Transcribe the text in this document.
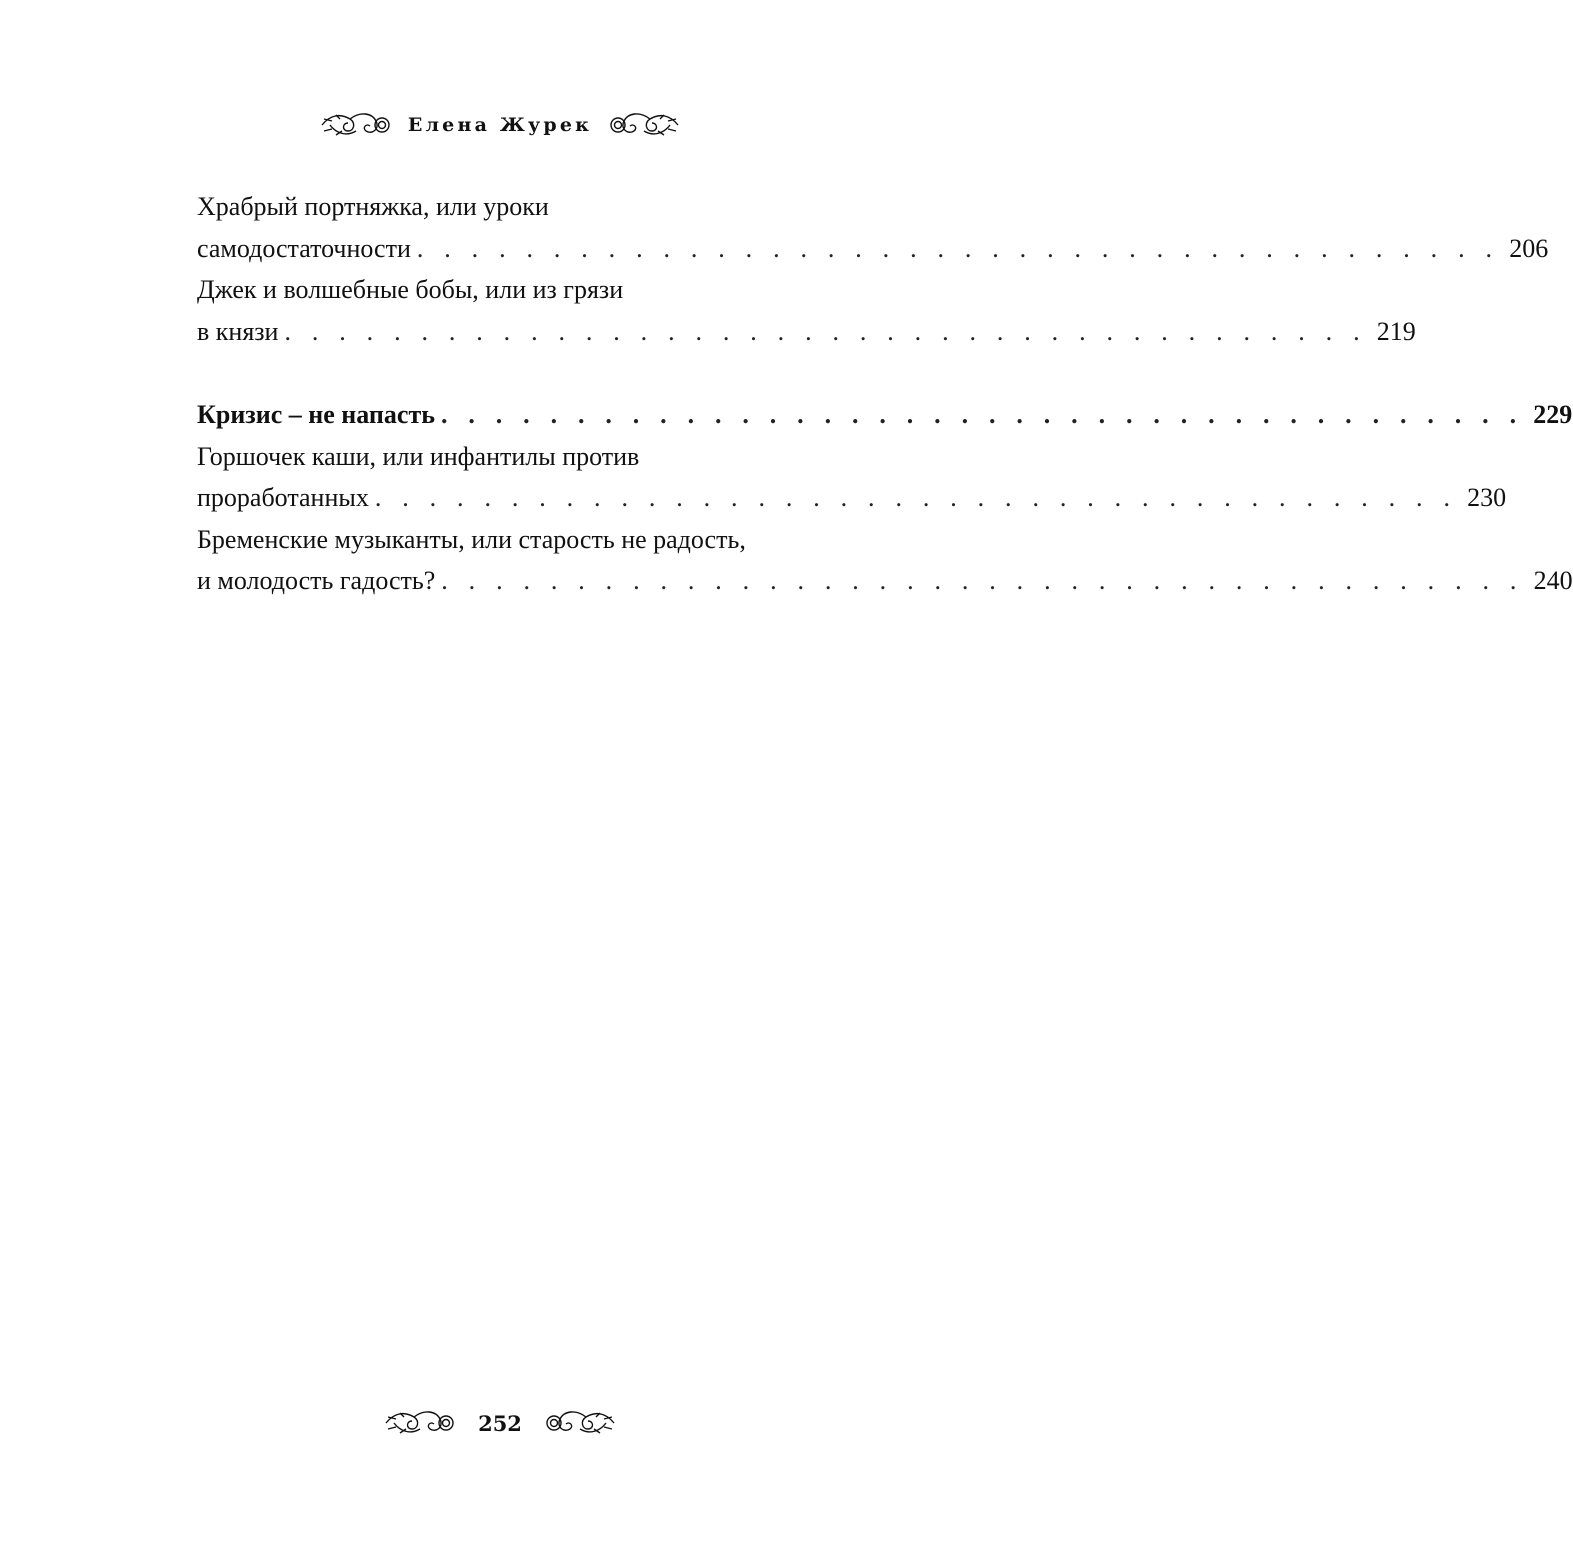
Елена Журек
Храбрый портняжка, или уроки
самодостаточности . . . . . . . . . . . . . . . . . . . . . . . . . . . . . . . . . . . . . . . . 206
Джек и волшебные бобы, или из грязи
в князи . . . . . . . . . . . . . . . . . . . . . . . . . . . . . . . . . . . . . . . . 219
Кризис – не напасть . . . . . . . . . . . . . . . . . . . . . . . . . . . . . . . . . . . . . . . . 229
Горшочек каши, или инфантилы против
проработанных . . . . . . . . . . . . . . . . . . . . . . . . . . . . . . . . . . . . . . . . 230
Бременские музыканты, или старость не радость,
и молодость гадость? . . . . . . . . . . . . . . . . . . . . . . . . . . . . . . . . . . . . . . . . 240
252
